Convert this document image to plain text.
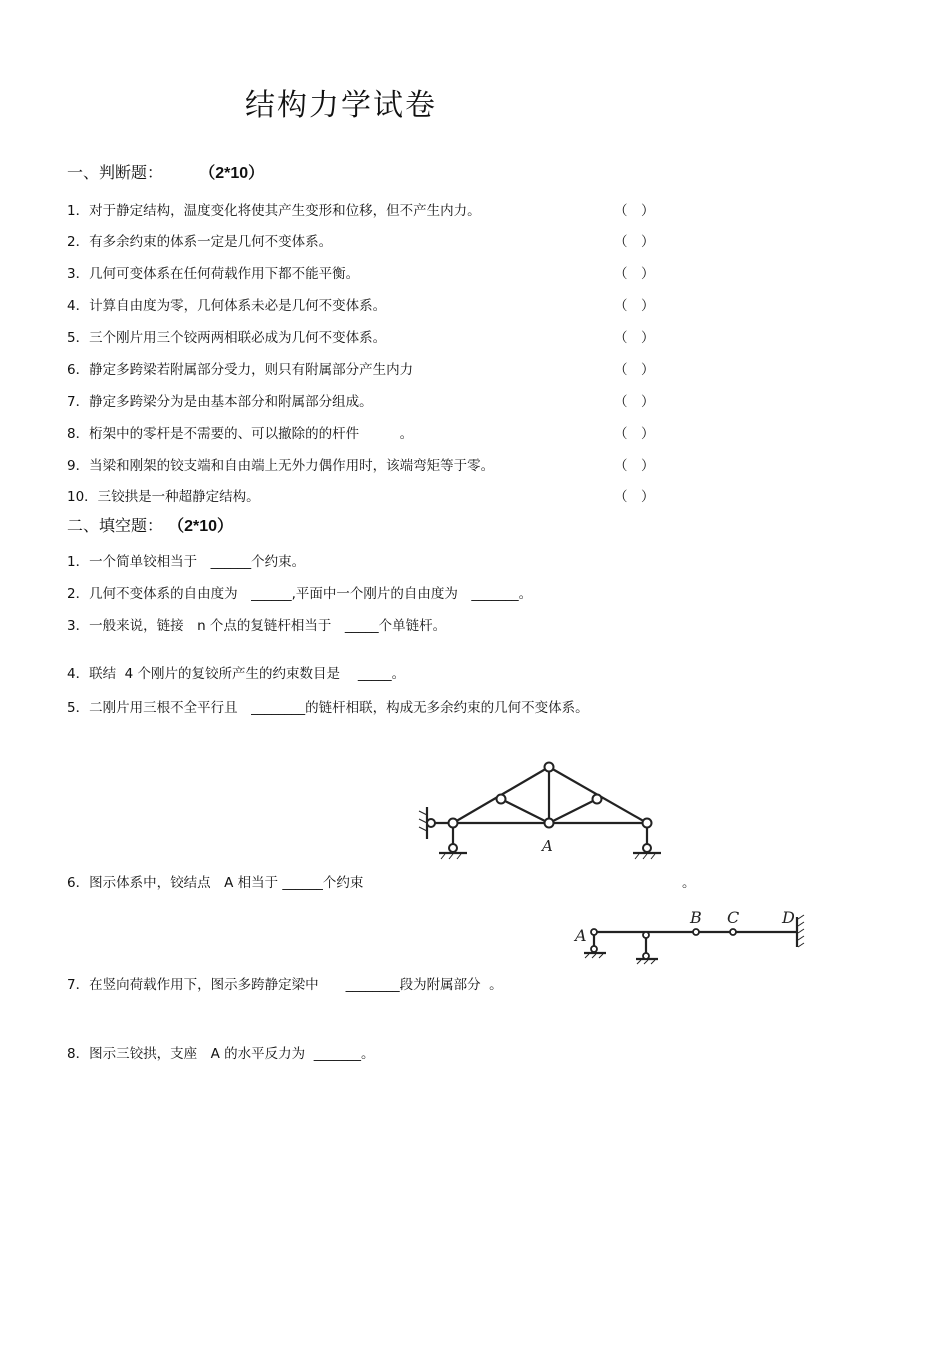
结构力学试卷
一、判断题： （2*10）
1．对于静定结构，温度变化将使其产生变形和位移，但不产生内力。	（　）
2．有多余约束的体系一定是几何不变体系。	（　）
3．几何可变体系在任何荷载作用下都不能平衡。	（　）
4．计算自由度为零，几何体系未必是几何不变体系。	（　）
5．三个刚片用三个铰两两相联必成为几何不变体系。	（　）
6．静定多跨梁若附属部分受力，则只有附属部分产生内力	（　）
7．静定多跨梁分为是由基本部分和附属部分组成。	（　）
8．桁架中的零杆是不需要的、可以撤除的的杆件　　　。	（　）
9．当梁和刚架的铰支端和自由端上无外力偶作用时，该端弯矩等于零。	（　）
10．三铰拱是一种超静定结构。	（　）
二、填空题： （2*10）
1．一个简单铰相当于　______个约束。
2．几何不变体系的自由度为　______,平面中一个刚片的自由度为　_______。
3．一般来说，链接　n 个点的复链杆相当于　_____个单链杆。
4．联结  4 个刚片的复铰所产生的约束数目是　 _____。
5．二刚片用三根不全平行且　________的链杆相联，构成无多余约束的几何不变体系。
A
6．图示体系中，铰结点　A 相当于 ______个约束	。
A
B C	D
7．在竖向荷载作用下，图示多跨静定梁中　　________段为附属部分  。
8．图示三铰拱，支座　A 的水平反力为  _______。
